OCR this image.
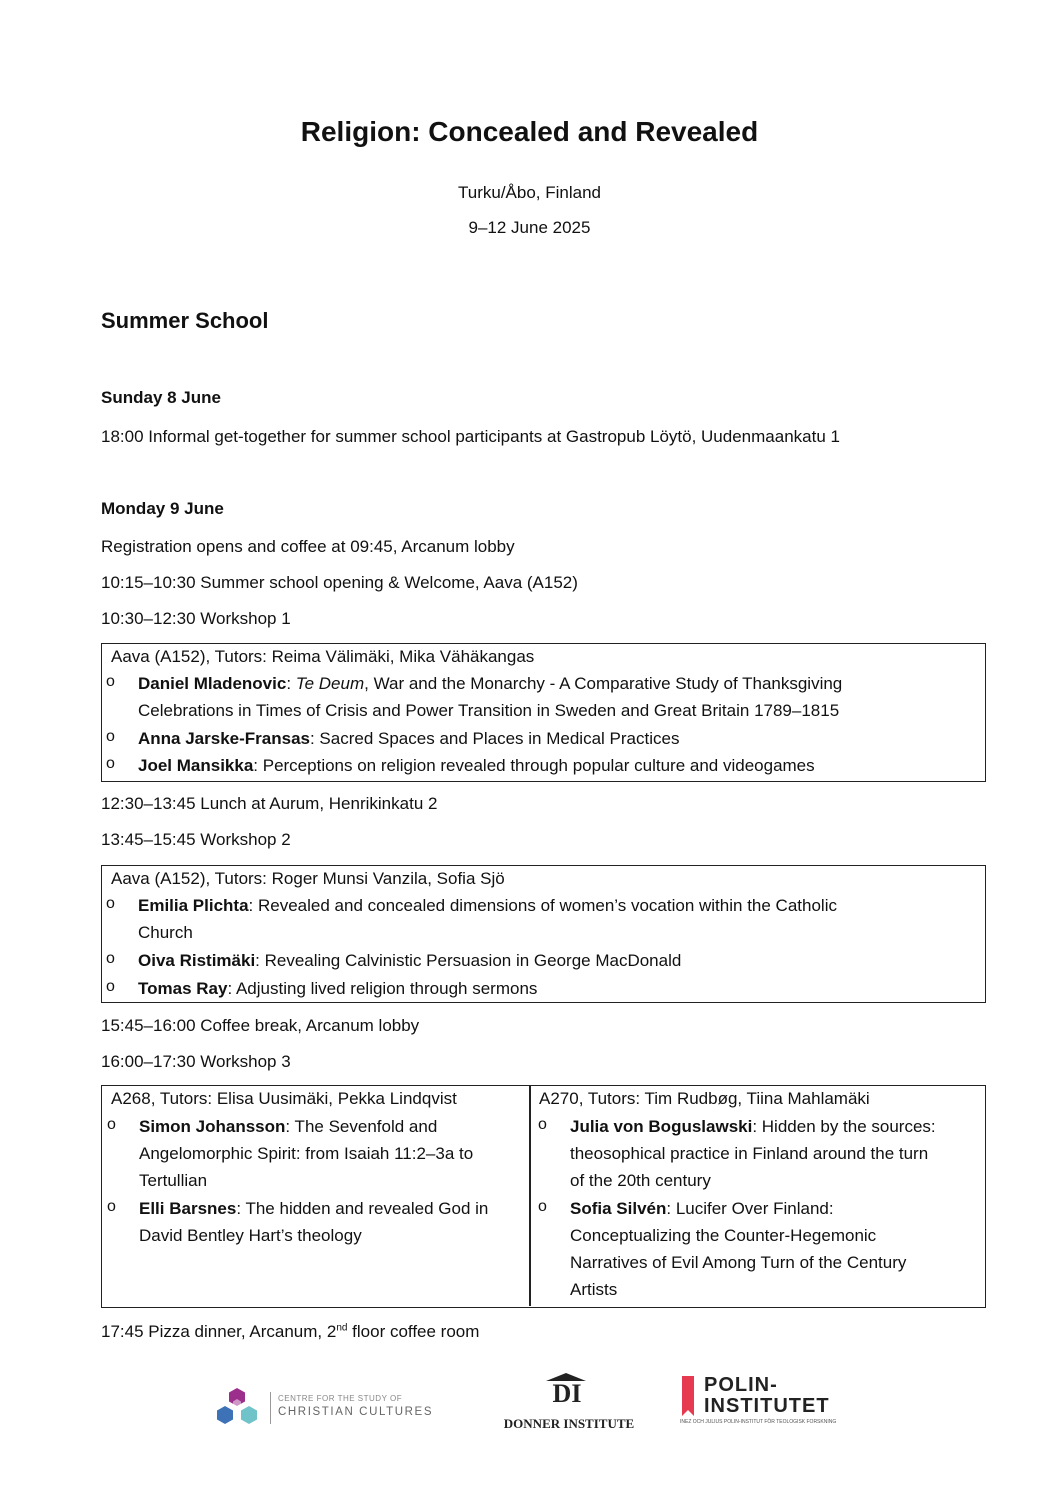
Religion: Concealed and Revealed
Turku/Åbo, Finland
9–12 June 2025
Summer School
Sunday 8 June
18:00 Informal get-together for summer school participants at Gastropub Löytö, Uudenmaankatu 1
Monday 9 June
Registration opens and coffee at 09:45, Arcanum lobby
10:15–10:30 Summer school opening & Welcome, Aava (A152)
10:30–12:30 Workshop 1
Aava (A152), Tutors: Reima Välimäki, Mika Vähäkangas
o Daniel Mladenovic: Te Deum, War and the Monarchy - A Comparative Study of Thanksgiving
Celebrations in Times of Crisis and Power Transition in Sweden and Great Britain 1789–1815
o Anna Jarske-Fransas: Sacred Spaces and Places in Medical Practices
o Joel Mansikka: Perceptions on religion revealed through popular culture and videogames
12:30–13:45 Lunch at Aurum, Henrikinkatu 2
13:45–15:45 Workshop 2
Aava (A152), Tutors: Roger Munsi Vanzila, Sofia Sjö
o Emilia Plichta: Revealed and concealed dimensions of women’s vocation within the Catholic
Church
o Oiva Ristimäki: Revealing Calvinistic Persuasion in George MacDonald
o Tomas Ray: Adjusting lived religion through sermons
15:45–16:00 Coffee break, Arcanum lobby
16:00–17:30 Workshop 3
A268, Tutors: Elisa Uusimäki, Pekka Lindqvist
o Simon Johansson: The Sevenfold and
Angelomorphic Spirit: from Isaiah 11:2–3a to
Tertullian
o Elli Barsnes: The hidden and revealed God in
David Bentley Hart’s theology
A270, Tutors: Tim Rudbøg, Tiina Mahlamäki
o Julia von Boguslawski: Hidden by the sources:
theosophical practice in Finland around the turn
of the 20th century
o Sofia Silvén: Lucifer Over Finland:
Conceptualizing the Counter-Hegemonic
Narratives of Evil Among Turn of the Century
Artists
17:45 Pizza dinner, Arcanum, 2nd floor coffee room
CENTRE FOR THE STUDY OF
CHRISTIAN CULTURES
DI
DONNER INSTITUTE
POLIN-
INSTITUTET
INEZ OCH JULIUS POLIN-INSTITUT FÖR TEOLOGISK FORSKNING
